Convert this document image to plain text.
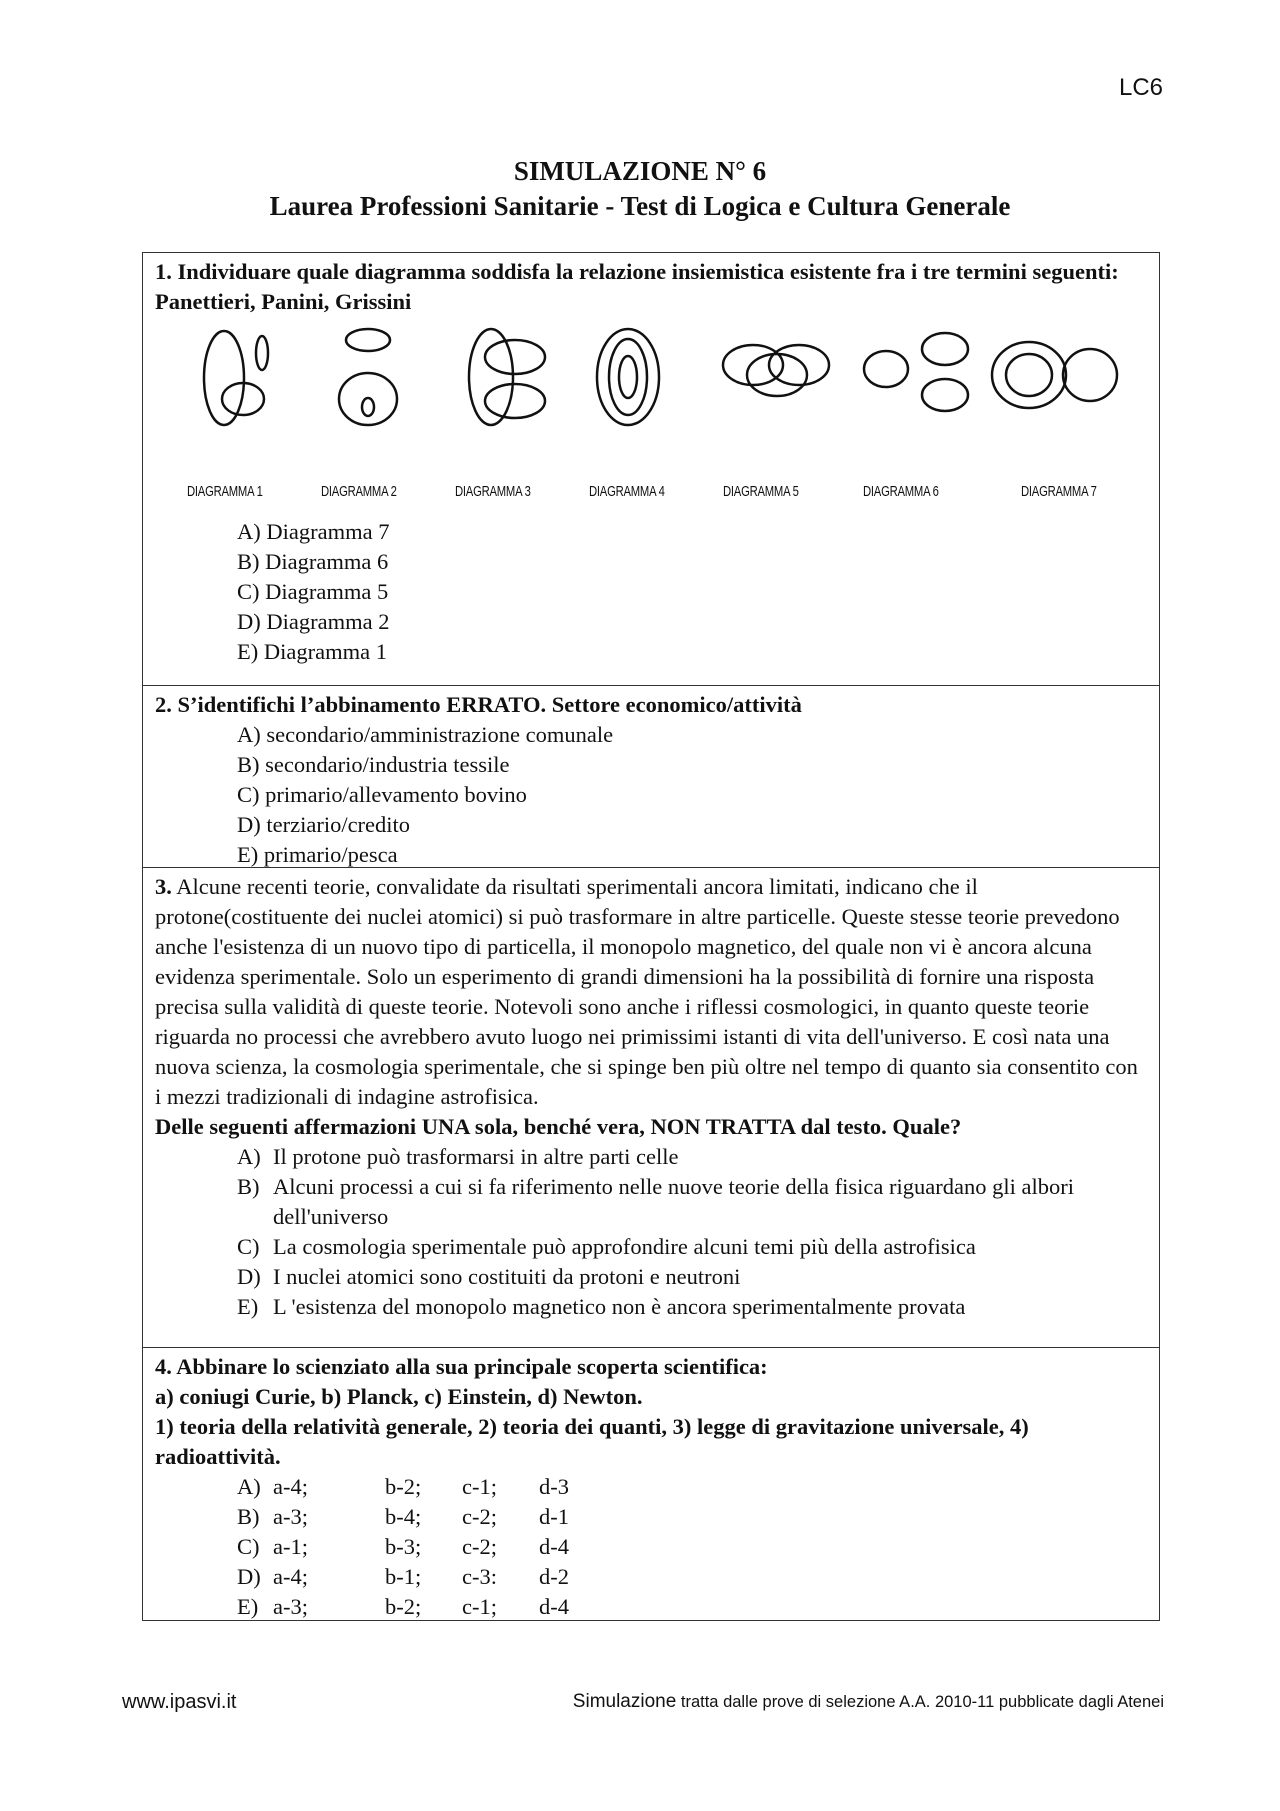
LC6
SIMULAZIONE N° 6
Laurea Professioni Sanitarie - Test di Logica e Cultura Generale
1. Individuare quale diagramma soddisfa la relazione insiemistica esistente fra i tre termini seguenti: Panettieri, Panini, Grissini
DIAGRAMMA 1	DIAGRAMMA 2	DIAGRAMMA 3	DIAGRAMMA 4	DIAGRAMMA 5	DIAGRAMMA 6	DIAGRAMMA 7
A) Diagramma 7
B) Diagramma 6
C) Diagramma 5
D) Diagramma 2
E) Diagramma 1
2. S’identifichi l’abbinamento ERRATO. Settore economico/attività
A) secondario/amministrazione comunale
B) secondario/industria tessile
C) primario/allevamento bovino
D) terziario/credito
E) primario/pesca
3. Alcune recenti teorie, convalidate da risultati sperimentali ancora limitati, indicano che il protone(costituente dei nuclei atomici) si può trasformare in altre particelle. Queste stesse teorie prevedono anche l'esistenza di un nuovo tipo di particella, il monopolo magnetico, del quale non vi è ancora alcuna evidenza sperimentale. Solo un esperimento di grandi dimensioni ha la possibilità di fornire una risposta precisa sulla validità di queste teorie. Notevoli sono anche i riflessi cosmologici, in quanto queste teorie riguarda no processi che avrebbero avuto luogo nei primissimi istanti di vita dell'universo. E così nata una nuova scienza, la cosmologia sperimentale, che si spinge ben più oltre nel tempo di quanto sia consentito con i mezzi tradizionali di indagine astrofisica.
Delle seguenti affermazioni UNA sola, benché vera, NON TRATTA dal testo. Quale?
A) Il protone può trasformarsi in altre parti celle
B) Alcuni processi a cui si fa riferimento nelle nuove teorie della fisica riguardano gli albori dell'universo
C) La cosmologia sperimentale può approfondire alcuni temi più della astrofisica
D) I nuclei atomici sono costituiti da protoni e neutroni
E) L 'esistenza del monopolo magnetico non è ancora sperimentalmente provata
4. Abbinare lo scienziato alla sua principale scoperta scientifica:
a) coniugi Curie, b) Planck, c) Einstein, d) Newton.
1) teoria della relatività generale, 2) teoria dei quanti, 3) legge di gravitazione universale, 4) radioattività.
A) a-4;	b-2;	c-1;	d-3
B) a-3;	b-4;	c-2;	d-1
C) a-1;	b-3;	c-2;	d-4
D) a-4;	b-1;	c-3:	d-2
E) a-3;	b-2;	c-1;	d-4
www.ipasvi.it	Simulazione tratta dalle prove di selezione A.A. 2010-11 pubblicate dagli Atenei
